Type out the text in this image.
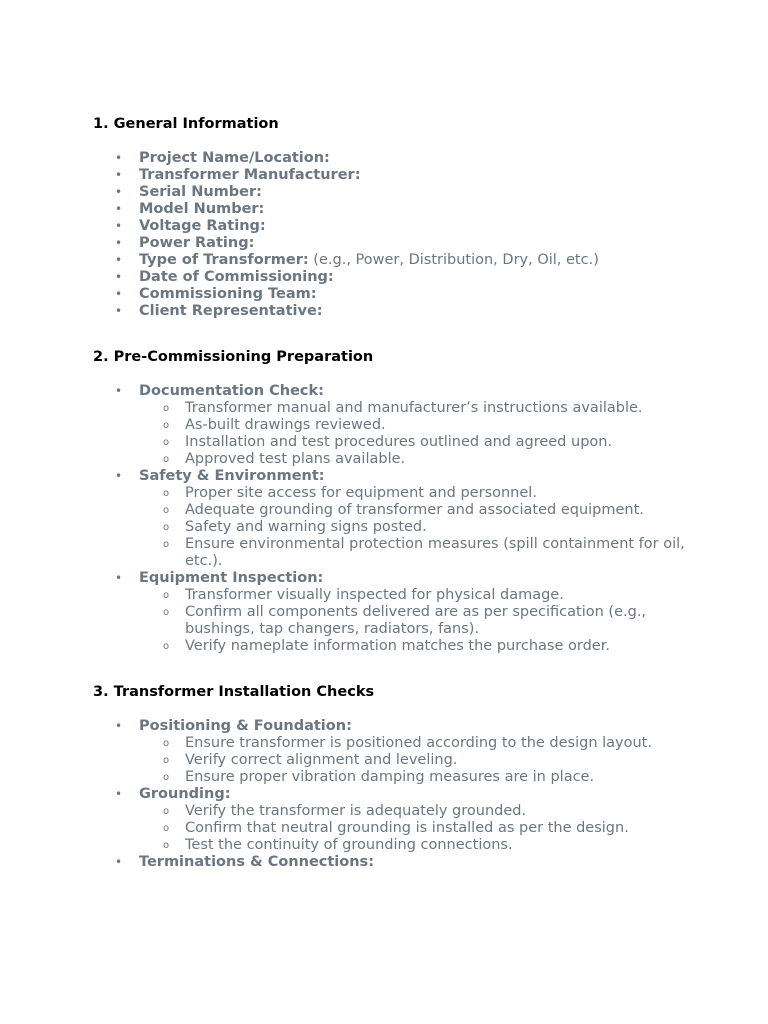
1. General Information
• Project Name/Location:
• Transformer Manufacturer:
• Serial Number:
• Model Number:
• Voltage Rating:
• Power Rating:
• Type of Transformer: (e.g., Power, Distribution, Dry, Oil, etc.)
• Date of Commissioning:
• Commissioning Team:
• Client Representative:
2. Pre-Commissioning Preparation
• Documentation Check:
o Transformer manual and manufacturer’s instructions available.
o As-built drawings reviewed.
o Installation and test procedures outlined and agreed upon.
o Approved test plans available.
• Safety & Environment:
o Proper site access for equipment and personnel.
o Adequate grounding of transformer and associated equipment.
o Safety and warning signs posted.
o Ensure environmental protection measures (spill containment for oil, etc.).
• Equipment Inspection:
o Transformer visually inspected for physical damage.
o Confirm all components delivered are as per specification (e.g., bushings, tap changers, radiators, fans).
o Verify nameplate information matches the purchase order.
3. Transformer Installation Checks
• Positioning & Foundation:
o Ensure transformer is positioned according to the design layout.
o Verify correct alignment and leveling.
o Ensure proper vibration damping measures are in place.
• Grounding:
o Verify the transformer is adequately grounded.
o Confirm that neutral grounding is installed as per the design.
o Test the continuity of grounding connections.
• Terminations & Connections:
